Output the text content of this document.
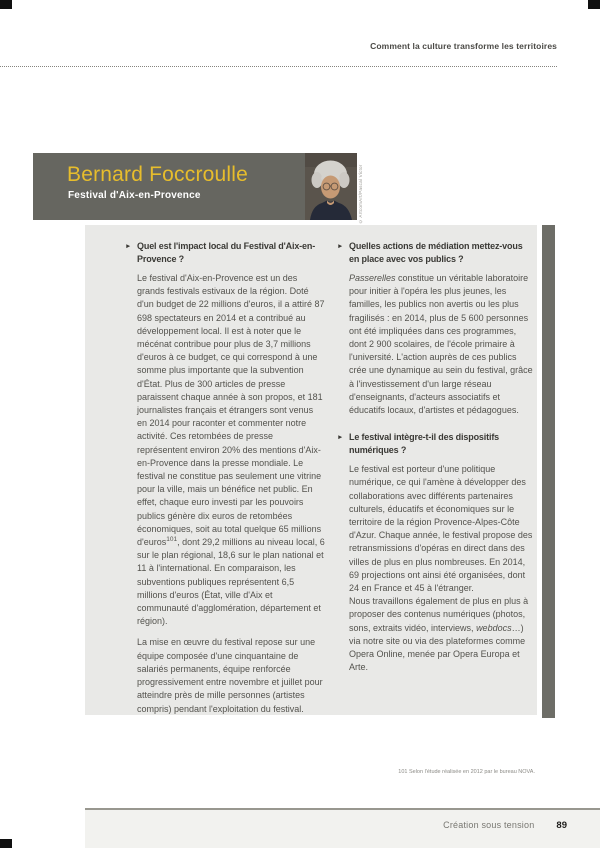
Comment la culture transforme les territoires
Bernard Foccroulle
Festival d'Aix-en-Provence	© ArtcomArt/Pascal Victor

► Quel est l'impact local du Festival d'Aix-en-Provence ?

Le festival d'Aix-en-Provence est un des grands festivals estivaux de la région. Doté d'un budget de 22 millions d'euros, il a attiré 87 698 spectateurs en 2014 et a contribué au développement local. Il est à noter que le mécénat contribue pour plus de 3,7 millions d'euros à ce budget, ce qui correspond à une somme plus importante que la subvention d'État. Plus de 300 articles de presse paraissent chaque année à son propos, et 181 journalistes français et étrangers sont venus en 2014 pour raconter et commenter notre activité. Ces retombées de presse représentent environ 20% des mentions d'Aix-en-Provence dans la presse mondiale. Le festival ne constitue pas seulement une vitrine pour la ville, mais un bénéfice net public. En effet, chaque euro investi par les pouvoirs publics génère dix euros de retombées économiques, soit au total quelque 65 millions d'euros$^{101}$, dont 29,2 millions au niveau local, 6 sur le plan régional, 18,6 sur le plan national et 11 à l'international. En comparaison, les subventions publiques représentent 6,5 millions d'euros (État, ville d'Aix et communauté d'agglomération, département et région).

La mise en œuvre du festival repose sur une équipe composée d'une cinquantaine de salariés permanents, équipe renforcée progressivement entre novembre et juillet pour atteindre près de mille personnes (artistes compris) pendant l'exploitation du festival.

► Quelles actions de médiation mettez-vous en place avec vos publics ?

Passerelles constitue un véritable laboratoire pour initier à l'opéra les plus jeunes, les familles, les publics non avertis ou les plus fragilisés : en 2014, plus de 5 600 personnes ont été impliquées dans ces programmes, dont 2 900 scolaires, de l'école primaire à l'université. L'action auprès de ces publics crée une dynamique au sein du festival, grâce à l'investissement d'un large réseau d'enseignants, d'acteurs associatifs et éducatifs locaux, d'artistes et pédagogues.

► Le festival intègre-t-il des dispositifs numériques ?

Le festival est porteur d'une politique numérique, ce qui l'amène à développer des collaborations avec différents partenaires culturels, éducatifs et économiques sur le territoire de la région Provence-Alpes-Côte d'Azur. Chaque année, le festival propose des retransmissions d'opéras en direct dans des villes de plus en plus nombreuses. En 2014, 69 projections ont ainsi été organisées, dont 24 en France et 45 à l'étranger.

Nous travaillons également de plus en plus à proposer des contenus numériques (photos, sons, extraits vidéo, interviews, webdocs…) via notre site ou via des plateformes comme Opera Online, menée par Opera Europa et Arte.

101 Selon l'étude réalisée en 2012 par le bureau NOVA.
Création sous tension 89
